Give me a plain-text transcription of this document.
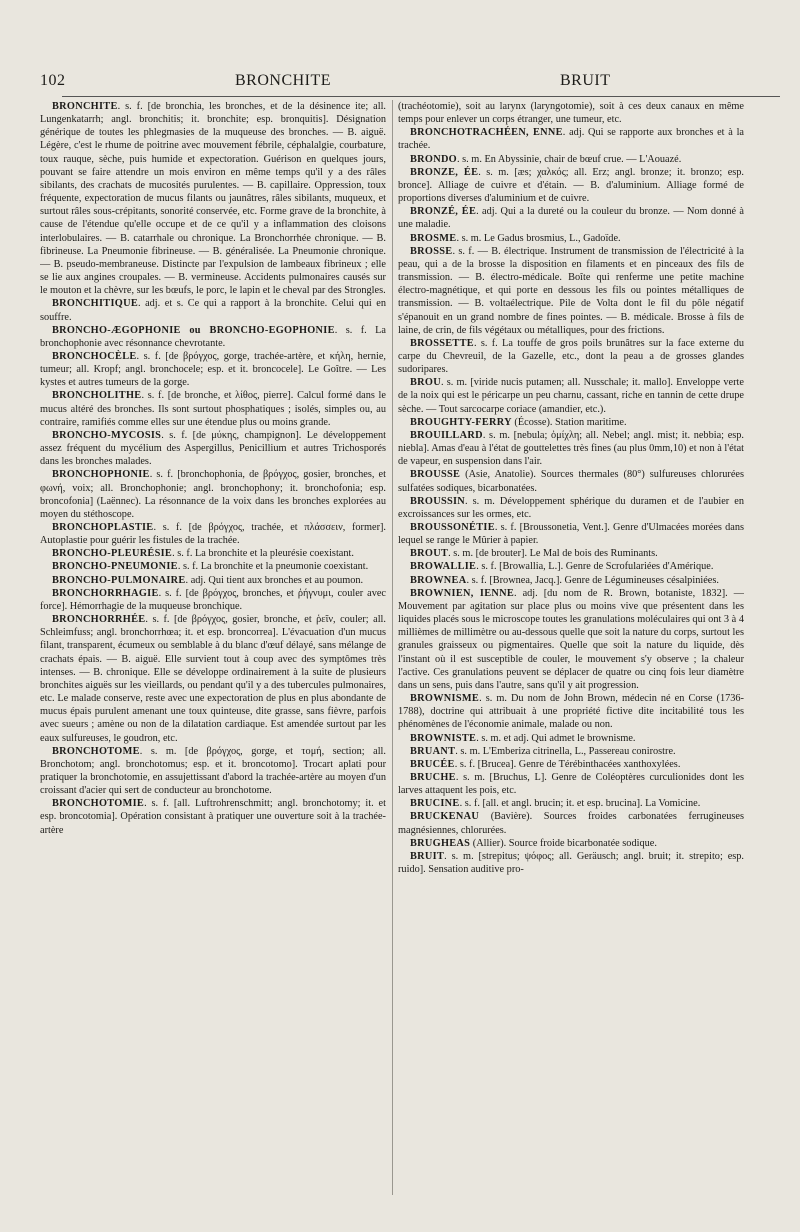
102	BRONCHITE	BRUIT

BRONCHITE. s. f. [de bronchia, les bronches, et de la désinence ite; all. Lungenkatarrh; angl. bronchitis; it. bronchite; esp. bronquitis]. Désignation générique de toutes les phlegmasies de la muqueuse des bronches. — B. aiguë. Légère, c'est le rhume de poitrine avec mouvement fébrile, céphalalgie, courbature, toux rauque, sèche, puis humide et expectoration. Guérison en quelques jours, pouvant se faire attendre un mois environ en même temps qu'il y a des râles sibilants, des crachats de mucosités purulentes. — B. capillaire. Oppression, toux fréquente, expectoration de mucus filants ou jaunâtres, râles sibilants, muqueux, et surtout râles sous-crépitants, sonorité conservée, etc. Forme grave de la bronchite, à cause de l'étendue qu'elle occupe et de ce qu'il y a inflammation des cloisons interlobulaires. — B. catarrhale ou chronique. La Bronchorrhée chronique. — B. fibrineuse. La Pneumonie fibrineuse. — B. généralisée. La Pneumonie chronique. — B. pseudo-membraneuse. Distincte par l'expulsion de lambeaux fibrineux ; elle se lie aux angines croupales. — B. vermineuse. Accidents pulmonaires causés sur le mouton et la chèvre, sur les bœufs, le porc, le lapin et le cheval par des Strongles.

BRONCHITIQUE. adj. et s. Ce qui a rapport à la bronchite. Celui qui en souffre.

BRONCHO-ÆGOPHONIE ou BRONCHO-EGOPHONIE. s. f. La bronchophonie avec résonnance chevrotante.

BRONCHOCÈLE. s. f. [de βρόγχος, gorge, trachée-artère, et κήλη, hernie, tumeur; all. Kropf; angl. bronchocele; esp. et it. broncocele]. Le Goître. — Les kystes et autres tumeurs de la gorge.

BRONCHOLITHE. s. f. [de bronche, et λίθος, pierre]. Calcul formé dans le mucus altéré des bronches. Ils sont surtout phosphatiques ; isolés, simples ou, au contraire, ramifiés comme elles sur une étendue plus ou moins grande.

BRONCHO-MYCOSIS. s. f. [de μύκης, champignon]. Le développement assez fréquent du mycélium des Aspergillus, Penicillium et autres Trichosporés dans les bronches malades.

BRONCHOPHONIE. s. f. [bronchophonia, de βρόγχος, gosier, bronches, et φωνή, voix; all. Bronchophonie; angl. bronchophony; it. bronchofonia; esp. broncofonia] (Laënnec). La résonnance de la voix dans les bronches explorées au moyen du stéthoscope.

BRONCHOPLASTIE. s. f. [de βρόγχος, trachée, et πλάσσειν, former]. Autoplastie pour guérir les fistules de la trachée.

BRONCHO-PLEURÉSIE. s. f. La bronchite et la pleurésie coexistant.

BRONCHO-PNEUMONIE. s. f. La bronchite et la pneumonie coexistant.

BRONCHO-PULMONAIRE. adj. Qui tient aux bronches et au poumon.

BRONCHORRHAGIE. s. f. [de βρόγχος, bronches, et ῥήγνυμι, couler avec force]. Hémorrhagie de la muqueuse bronchique.

BRONCHORRHÉE. s. f. [de βρόγχος, gosier, bronche, et ῥεῖν, couler; all. Schleimfuss; angl. bronchorrhœa; it. et esp. broncorrea]. L'évacuation d'un mucus filant, transparent, écumeux ou semblable à du blanc d'œuf délayé, sans mélange de crachats épais. — B. aiguë. Elle survient tout à coup avec des symptômes très intenses. — B. chronique. Elle se développe ordinairement à la suite de plusieurs bronchites aiguës sur les vieillards, ou pendant qu'il y a des tubercules pulmonaires, etc. Le malade conserve, reste avec une expectoration de plus en plus abondante de mucus épais purulent amenant une toux quinteuse, dite grasse, sans fièvre, parfois avec sueurs ; amène ou non de la dilatation cardiaque. Est amendée surtout par les eaux sulfureuses, le goudron, etc.

BRONCHOTOME. s. m. [de βρόγχος, gorge, et τομή, section; all. Bronchotom; angl. bronchotomus; esp. et it. broncotomo]. Trocart aplati pour pratiquer la bronchotomie, en assujettissant d'abord la trachée-artère au moyen d'un croissant d'acier qui sert de conducteur au bronchotome.

BRONCHOTOMIE. s. f. [all. Luftrohrenschmitt; angl. bronchotomy; it. et esp. broncotomia]. Opération consistant à pratiquer une ouverture soit à la trachée-artère

(trachéotomie), soit au larynx (laryngotomie), soit à ces deux canaux en même temps pour enlever un corps étranger, une tumeur, etc.

BRONCHOTRACHÉEN, ENNE. adj. Qui se rapporte aux bronches et à la trachée.

BRONDO. s. m. En Abyssinie, chair de bœuf crue. — L'Aouazé.

BRONZE, ÉE. s. m. [æs; χαλκός; all. Erz; angl. bronze; it. bronzo; esp. bronce]. Alliage de cuivre et d'étain. — B. d'aluminium. Alliage formé de proportions diverses d'aluminium et de cuivre.

BRONZÉ, ÉE. adj. Qui a la dureté ou la couleur du bronze. — Nom donné à une maladie.

BROSME. s. m. Le Gadus brosmius, L., Gadoïde.

BROSSE. s. f. — B. électrique. Instrument de transmission de l'électricité à la peau, qui a de la brosse la disposition en filaments et en pinceaux des fils de transmission. — B. électro-médicale. Boîte qui renferme une petite machine électro-magnétique, et qui porte en dessous les fils ou pointes métalliques de transmission. — B. voltaélectrique. Pile de Volta dont le fil du pôle négatif s'épanouit en un grand nombre de fines pointes. — B. médicale. Brosse à fils de laine, de crin, de fils végétaux ou métalliques, pour des frictions.

BROSSETTE. s. f. La touffe de gros poils brunâtres sur la face externe du carpe du Chevreuil, de la Gazelle, etc., dont la peau a de grosses glandes sudoripares.

BROU. s. m. [viride nucis putamen; all. Nusschale; it. mallo]. Enveloppe verte de la noix qui est le péricarpe un peu charnu, cassant, riche en tannin de cette drupe sèche. — Tout sarcocarpe coriace (amandier, etc.).

BROUGHTY-FERRY (Écosse). Station maritime.

BROUILLARD. s. m. [nebula; ὀμίχλη; all. Nebel; angl. mist; it. nebbia; esp. niebla]. Amas d'eau à l'état de gouttelettes très fines (au plus 0mm,10) et non à l'état de vapeur, en suspension dans l'air.

BROUSSE (Asie, Anatolie). Sources thermales (80°) sulfureuses chlorurées sulfatées sodiques, bicarbonatées.

BROUSSIN. s. m. Développement sphérique du duramen et de l'aubier en excroissances sur les ormes, etc.

BROUSSONÉTIE. s. f. [Broussonetia, Vent.]. Genre d'Ulmacées morées dans lequel se range le Mûrier à papier.

BROUT. s. m. [de brouter]. Le Mal de bois des Ruminants.

BROWALLIE. s. f. [Browallia, L.]. Genre de Scrofulariées d'Amérique.

BROWNEA. s. f. [Brownea, Jacq.]. Genre de Légumineuses césalpiniées.

BROWNIEN, IENNE. adj. [du nom de R. Brown, botaniste, 1832]. — Mouvement par agitation sur place plus ou moins vive que présentent dans les liquides placés sous le microscope toutes les granulations moléculaires qui ont 3 à 4 millièmes de millimètre ou au-dessous quelle que soit la nature du corps, surtout les granules graisseux ou pigmentaires. Quelle que soit la nature du liquide, dès l'instant où il est susceptible de couler, le mouvement s'y observe ; la chaleur l'active. Ces granulations peuvent se déplacer de quatre ou cinq fois leur diamètre dans un sens, puis dans l'autre, sans qu'il y ait progression.

BROWNISME. s. m. Du nom de John Brown, médecin né en Corse (1736-1788), doctrine qui attribuait à une propriété fictive dite incitabilité tous les phénomènes de l'économie animale, malade ou non.

BROWNISTE. s. m. et adj. Qui admet le brownisme.

BRUANT. s. m. L'Emberiza citrinella, L., Passereau conirostre.

BRUCÉE. s. f. [Brucea]. Genre de Térébinthacées xanthoxylées.

BRUCHE. s. m. [Bruchus, L]. Genre de Coléoptères curculionides dont les larves attaquent les pois, etc.

BRUCINE. s. f. [all. et angl. brucin; it. et esp. brucina]. La Vomicine.

BRUCKENAU (Bavière). Sources froides carbonatées ferrugineuses magnésiennes, chlorurées.

BRUGHEAS (Allier). Source froide bicarbonatée sodique.

BRUIT. s. m. [strepitus; ψόφος; all. Geräusch; angl. bruit; it. strepito; esp. ruido]. Sensation auditive pro-
